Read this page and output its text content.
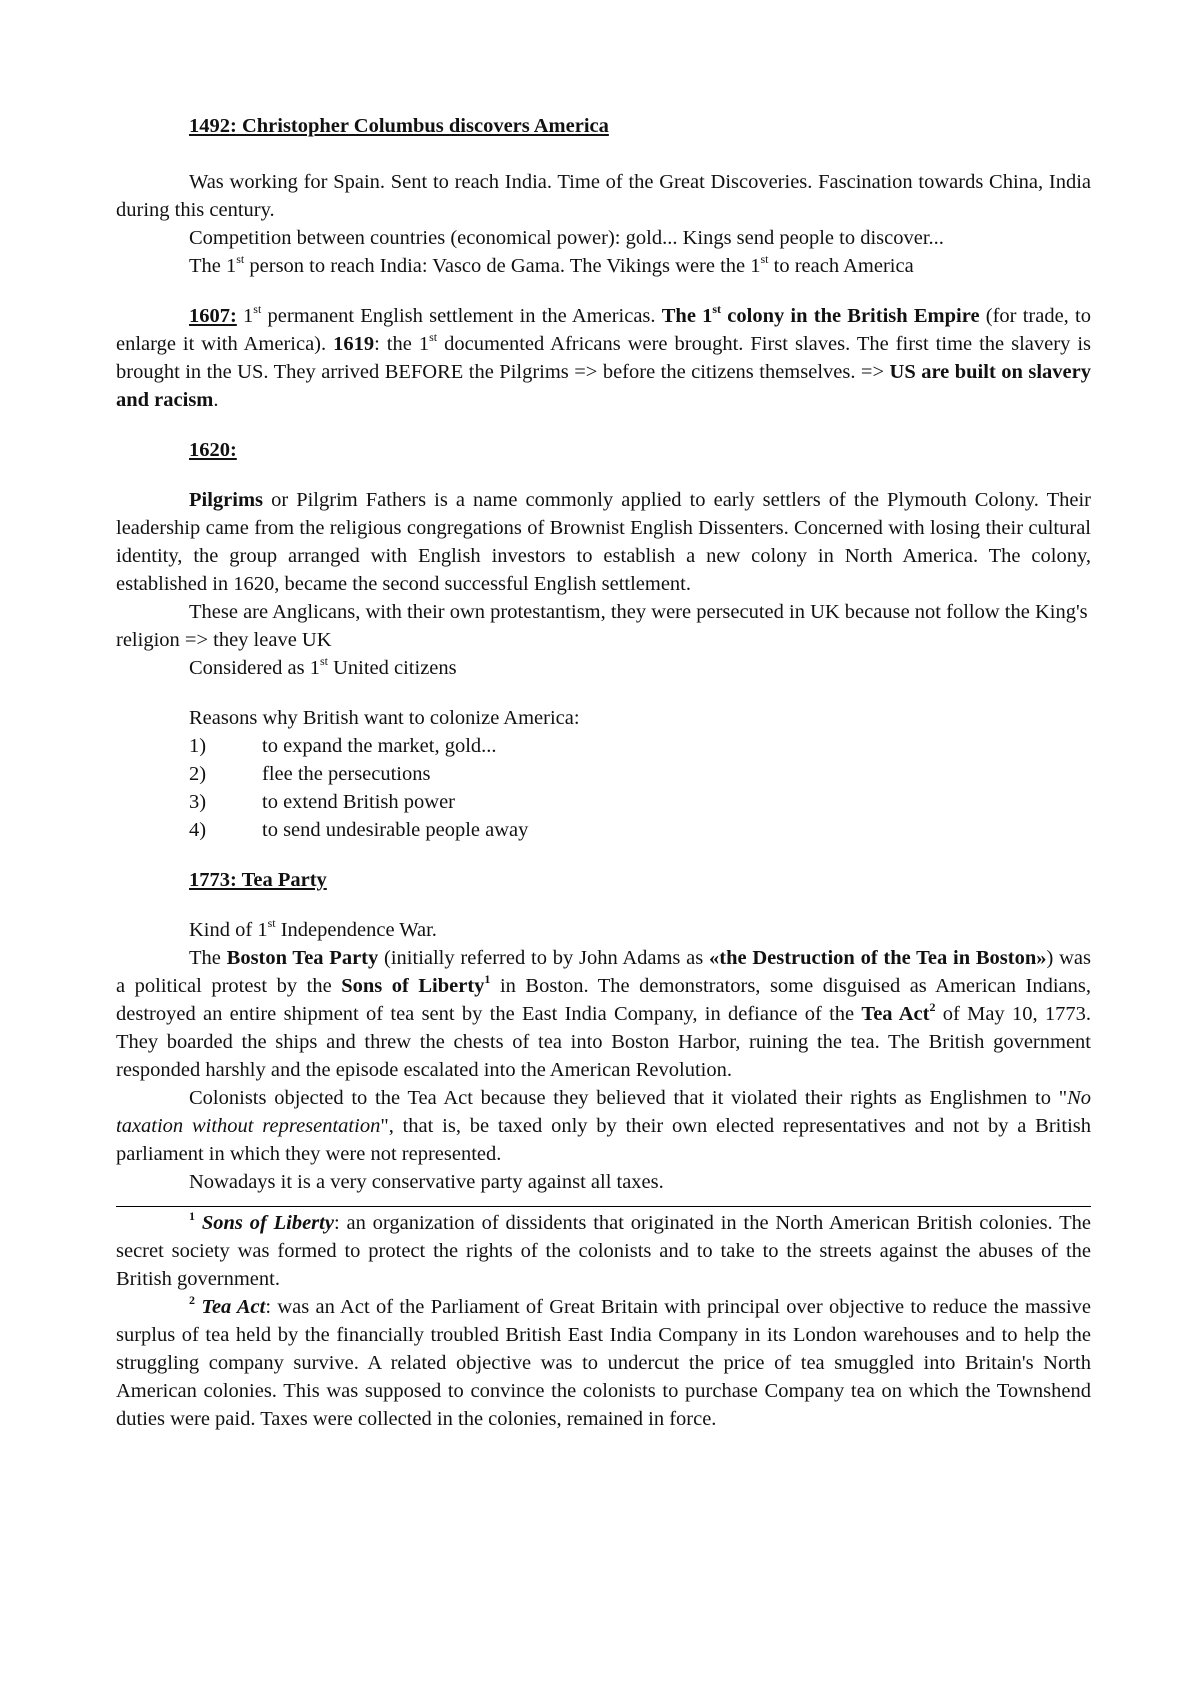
1492: Christopher Columbus discovers America

Was working for Spain. Sent to reach India. Time of the Great Discoveries. Fascination towards China, India during this century.

Competition between countries (economical power): gold... Kings send people to discover...

The 1st person to reach India: Vasco de Gama. The Vikings were the 1st to reach America

1607: 1st permanent English settlement in the Americas. The 1st colony in the British Empire (for trade, to enlarge it with America). 1619: the 1st documented Africans were brought. First slaves. The first time the slavery is brought in the US. They arrived BEFORE the Pilgrims => before the citizens themselves. => US are built on slavery and racism.

1620:

Pilgrims or Pilgrim Fathers is a name commonly applied to early settlers of the Plymouth Colony. Their leadership came from the religious congregations of Brownist English Dissenters. Concerned with losing their cultural identity, the group arranged with English investors to establish a new colony in North America. The colony, established in 1620, became the second successful English settlement.

These are Anglicans, with their own protestantism, they were persecuted in UK because not follow the King's religion => they leave UK

Considered as 1st United citizens

Reasons why British want to colonize America:

1)	to expand the market, gold...
2)	flee the persecutions
3)	to extend British power
4)	to send undesirable people away

1773: Tea Party

Kind of 1st Independence War.

The Boston Tea Party (initially referred to by John Adams as «the Destruction of the Tea in Boston») was a political protest by the Sons of Liberty$^1$ in Boston. The demonstrators, some disguised as American Indians, destroyed an entire shipment of tea sent by the East India Company, in defiance of the Tea Act$^2$ of May 10, 1773. They boarded the ships and threw the chests of tea into Boston Harbor, ruining the tea. The British government responded harshly and the episode escalated into the American Revolution.

Colonists objected to the Tea Act because they believed that it violated their rights as Englishmen to "No taxation without representation", that is, be taxed only by their own elected representatives and not by a British parliament in which they were not represented.

Nowadays it is a very conservative party against all taxes.

$^1$ Sons of Liberty: an organization of dissidents that originated in the North American British colonies. The secret society was formed to protect the rights of the colonists and to take to the streets against the abuses of the British government.

$^2$ Tea Act: was an Act of the Parliament of Great Britain with principal over objective to reduce the massive surplus of tea held by the financially troubled British East India Company in its London warehouses and to help the struggling company survive. A related objective was to undercut the price of tea smuggled into Britain's North American colonies. This was supposed to convince the colonists to purchase Company tea on which the Townshend duties were paid. Taxes were collected in the colonies, remained in force.
